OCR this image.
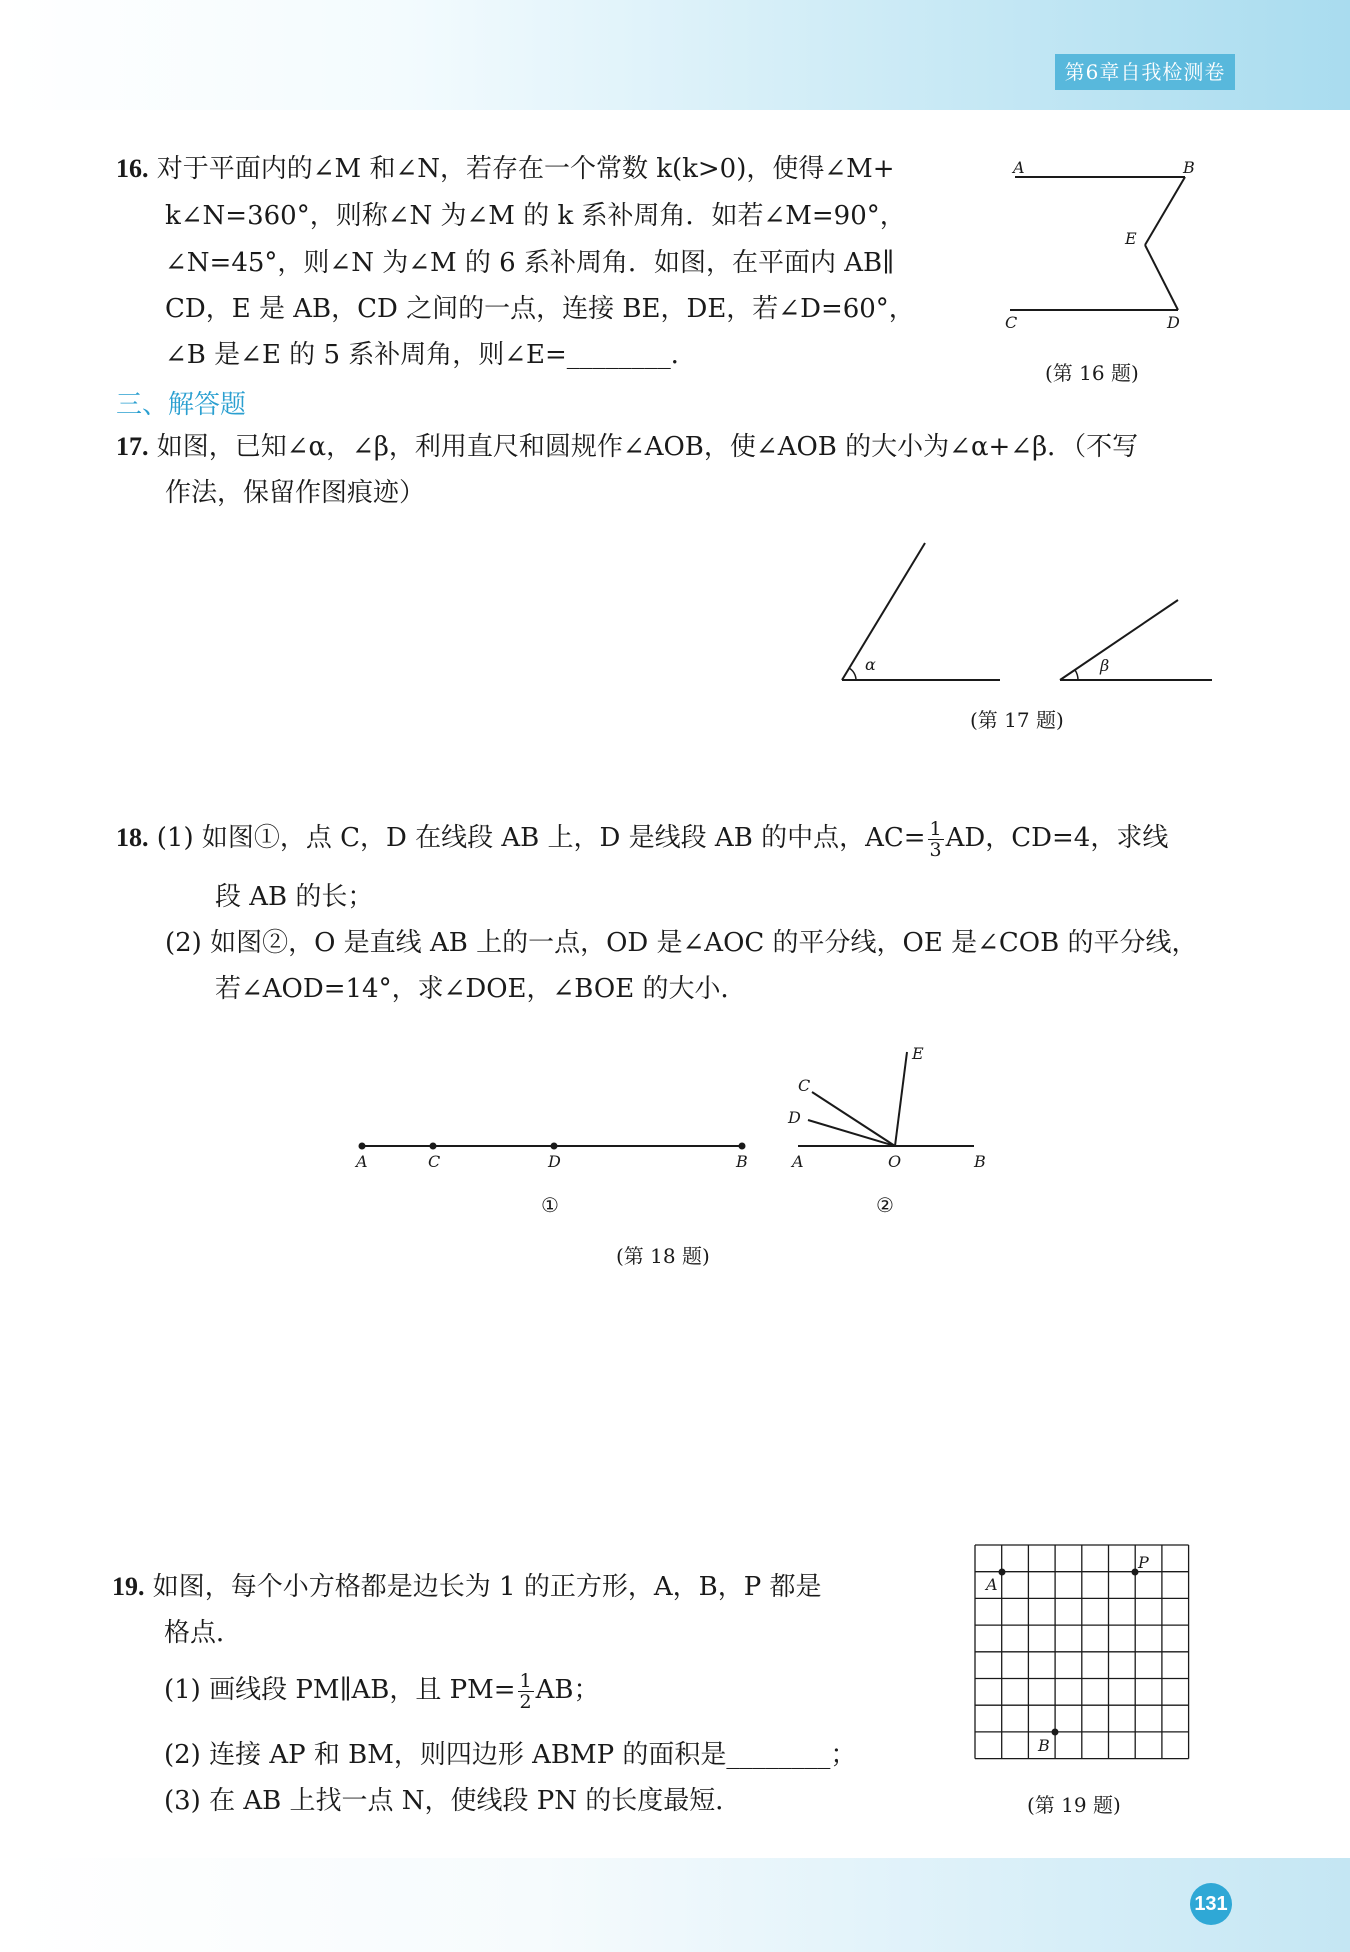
第6章自我检测卷
16. 对于平面内的∠M 和∠N，若存在一个常数 k(k>0)，使得∠M+
k∠N=360°，则称∠N 为∠M 的 k 系补周角．如若∠M=90°，
∠N=45°，则∠N 为∠M 的 6 系补周角．如图，在平面内 AB∥
CD，E 是 AB，CD 之间的一点，连接 BE，DE，若∠D=60°，
∠B 是∠E 的 5 系补周角，则∠E=________．
A	B
E
C	D
(第 16 题)
三、解答题
17. 如图，已知∠α，∠β，利用直尺和圆规作∠AOB，使∠AOB 的大小为∠α+∠β．（不写
作法，保留作图痕迹）
α	β
(第 17 题)
18. (1) 如图①，点 C，D 在线段 AB 上，D 是线段 AB 的中点，$AC= \frac{1}{3}$ AD，CD=4，求线
段 AB 的长；
(2) 如图②，O 是直线 AB 上的一点，OD 是∠AOC 的平分线，OE 是∠COB 的平分线，
若∠AOD=14°，求∠DOE，∠BOE 的大小．
A	C	D	B
①
E
C
D
A	O	B
②
(第 18 题)
19. 如图，每个小方格都是边长为 1 的正方形，A，B，P 都是
格点．
(1) 画线段 PM∥AB，且 $PM= \frac{1}{2}$ AB；
(2) 连接 AP 和 BM，则四边形 ABMP 的面积是________；
(3) 在 AB 上找一点 N，使线段 PN 的长度最短．
A
P
B
(第 19 题)
131
